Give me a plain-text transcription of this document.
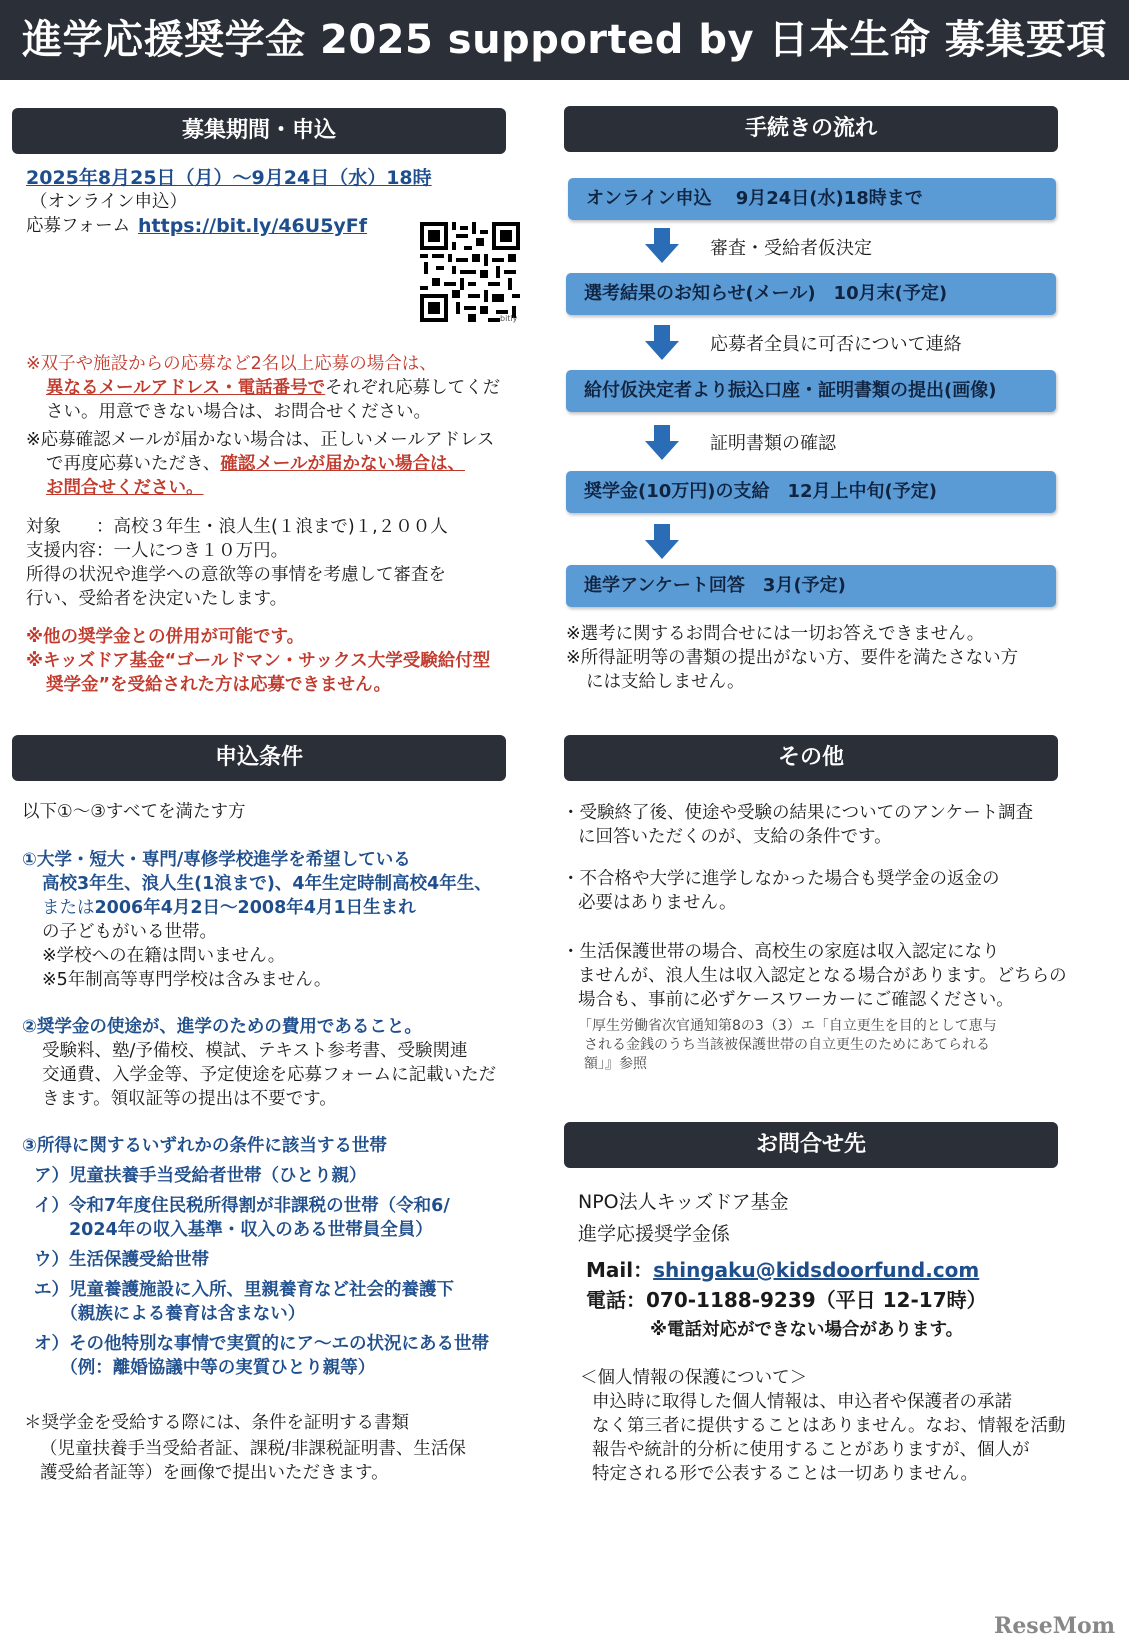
進学応援奨学金 2025 supported by 日本生命 募集要項
募集期間・申込
2025年8月25日（月）～9月24日（水）18時
（オンライン申込）
応募フォーム https://bit.ly/46U5yFf
bitly
※双子や施設からの応募など2名以上応募の場合は、
異なるメールアドレス・電話番号でそれぞれ応募してくだ
さい。用意できない場合は、お問合せください。
※応募確認メールが届かない場合は、正しいメールアドレス
で再度応募いただき、確認メールが届かない場合は、
お問合せください。
対象　　：高校３年生・浪人生(１浪まで)１,２００人
支援内容：一人につき１０万円。
所得の状況や進学への意欲等の事情を考慮して審査を
行い、受給者を決定いたします。
※他の奨学金との併用が可能です。
※キッズドア基金“ゴールドマン・サックス大学受験給付型
奨学金”を受給された方は応募できません。
手続きの流れ
オンライン申込　 9月24日(水)18時まで
審査・受給者仮決定
選考結果のお知らせ(メール)　10月末(予定)
応募者全員に可否について連絡
給付仮決定者より振込口座・証明書類の提出(画像)
証明書類の確認
奨学金(10万円)の支給　12月上中旬(予定)
進学アンケート回答　3月(予定)
※選考に関するお問合せには一切お答えできません。
※所得証明等の書類の提出がない方、要件を満たさない方
には支給しません。
申込条件
以下①～③すべてを満たす方
①大学・短大・専門/専修学校進学を希望している
高校3年生、浪人生(1浪まで)、4年生定時制高校4年生、
または2006年4月2日～2008年4月1日生まれ
の子どもがいる世帯。
※学校への在籍は問いません。
※5年制高等専門学校は含みません。
②奨学金の使途が、進学のための費用であること。
受験料、塾/予備校、模試、テキスト参考書、受験関連
交通費、入学金等、予定使途を応募フォームに記載いただ
きます。領収証等の提出は不要です。
③所得に関するいずれかの条件に該当する世帯
ア）児童扶養手当受給者世帯（ひとり親）
イ）令和7年度住民税所得割が非課税の世帯（令和6/
　　2024年の収入基準・収入のある世帯員全員）
ウ）生活保護受給世帯
エ）児童養護施設に入所、里親養育など社会的養護下
　　（親族による養育は含まない）
オ）その他特別な事情で実質的にア～エの状況にある世帯
　　（例：離婚協議中等の実質ひとり親等）
＊奨学金を受給する際には、条件を証明する書類
（児童扶養手当受給者証、課税/非課税証明書、生活保
護受給者証等）を画像で提出いただきます。
その他
・受験終了後、使途や受験の結果についてのアンケート調査
に回答いただくのが、支給の条件です。
・不合格や大学に進学しなかった場合も奨学金の返金の
必要はありません。
・生活保護世帯の場合、高校生の家庭は収入認定になり
ませんが、浪人生は収入認定となる場合があります。どちらの
場合も、事前に必ずケースワーカーにご確認ください。
「厚生労働省次官通知第8の3（3）エ「自立更生を目的として恵与
される金銭のうち当該被保護世帯の自立更生のためにあてられる
額」』参照
お問合せ先
NPO法人キッズドア基金
進学応援奨学金係
Mail：shingaku@kidsdoorfund.com
電話：070-1188-9239（平日 12-17時）
※電話対応ができない場合があります。
＜個人情報の保護について＞
申込時に取得した個人情報は、申込者や保護者の承諾
なく第三者に提供することはありません。なお、情報を活動
報告や統計的分析に使用することがありますが、個人が
特定される形で公表することは一切ありません。
ReseMom
